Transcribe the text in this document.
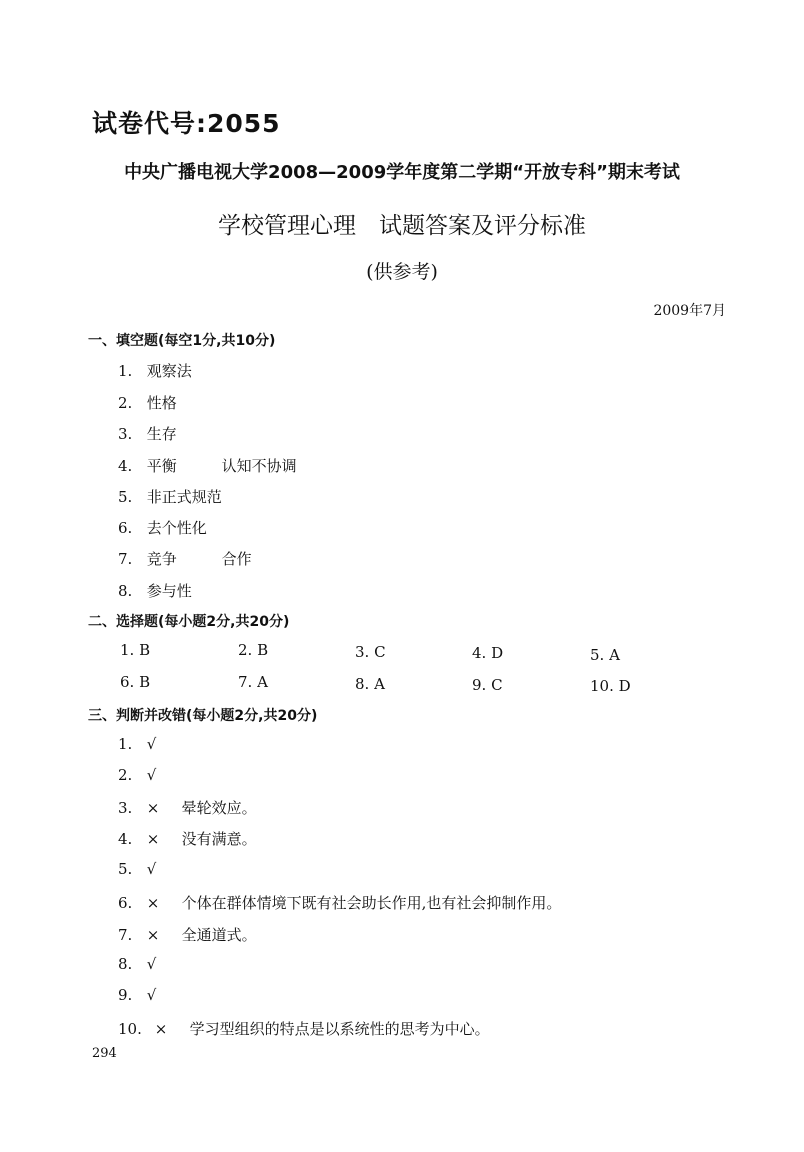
试卷代号:2055
中央广播电视大学2008—2009学年度第二学期“开放专科”期末考试
学校管理心理　试题答案及评分标准
(供参考)
2009年7月
一、填空题(每空1分,共10分)
1. 观察法
2. 性格
3. 生存
4. 平衡	认知不协调
5. 非正式规范
6. 去个性化
7. 竞争	合作
8. 参与性
二、选择题(每小题2分,共20分)
1. B	2. B	3. C	4. D	5. A
6. B	7. A	8. A	9. C	10. D
三、判断并改错(每小题2分,共20分)
1. √
2. √
3. × 晕轮效应。
4. × 没有满意。
5. √
6. × 个体在群体情境下既有社会助长作用,也有社会抑制作用。
7. × 全通道式。
8. √
9. √
10. × 学习型组织的特点是以系统性的思考为中心。
294
